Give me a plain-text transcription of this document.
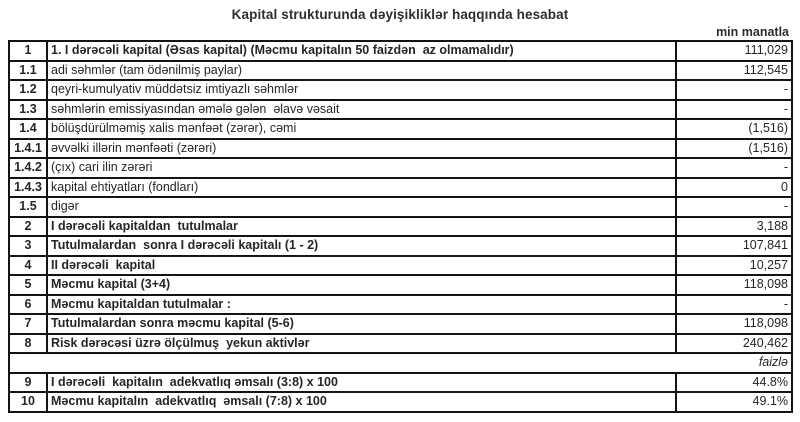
Kapital strukturunda dəyişikliklər haqqında hesabat
min manatla
1	1. I dərəcəli kapital (Əsas kapital) (Məcmu kapitalın 50 faizdən  az olmamalıdır)	111,029
1.1	adi səhmlər (tam ödənilmiş paylar)	112,545
1.2	qeyri-kumulyativ müddətsiz imtiyazlı səhmlər	-
1.3	səhmlərin emissiyasından əmələ gələn  əlavə vəsait	-
1.4	bölüşdürülməmiş xalis mənfəət (zərər), cəmi	(1,516)
1.4.1	əvvəlki illərin mənfəəti (zərəri)	(1,516)
1.4.2	(çıx) cari ilin zərəri	-
1.4.3	kapital ehtiyatları (fondları)	0
1.5	digər	-
2	I dərəcəli kapitaldan  tutulmalar	3,188
3	Tutulmalardan  sonra I dərəcəli kapitalı (1 - 2)	107,841
4	II dərəcəli  kapital	10,257
5	Məcmu kapital (3+4)	118,098
6	Məcmu kapitaldan tutulmalar :	-
7	Tutulmalardan sonra məcmu kapital (5-6)	118,098
8	Risk dərəcəsi üzrə ölçülmuş  yekun aktivlər	240,462
faizlə		
9	I dərəcəli  kapitalın  adekvatlıq əmsalı (3:8) x 100	44.8%
10	Məcmu kapitalın  adekvatlıq  əmsalı (7:8) x 100	49.1%
